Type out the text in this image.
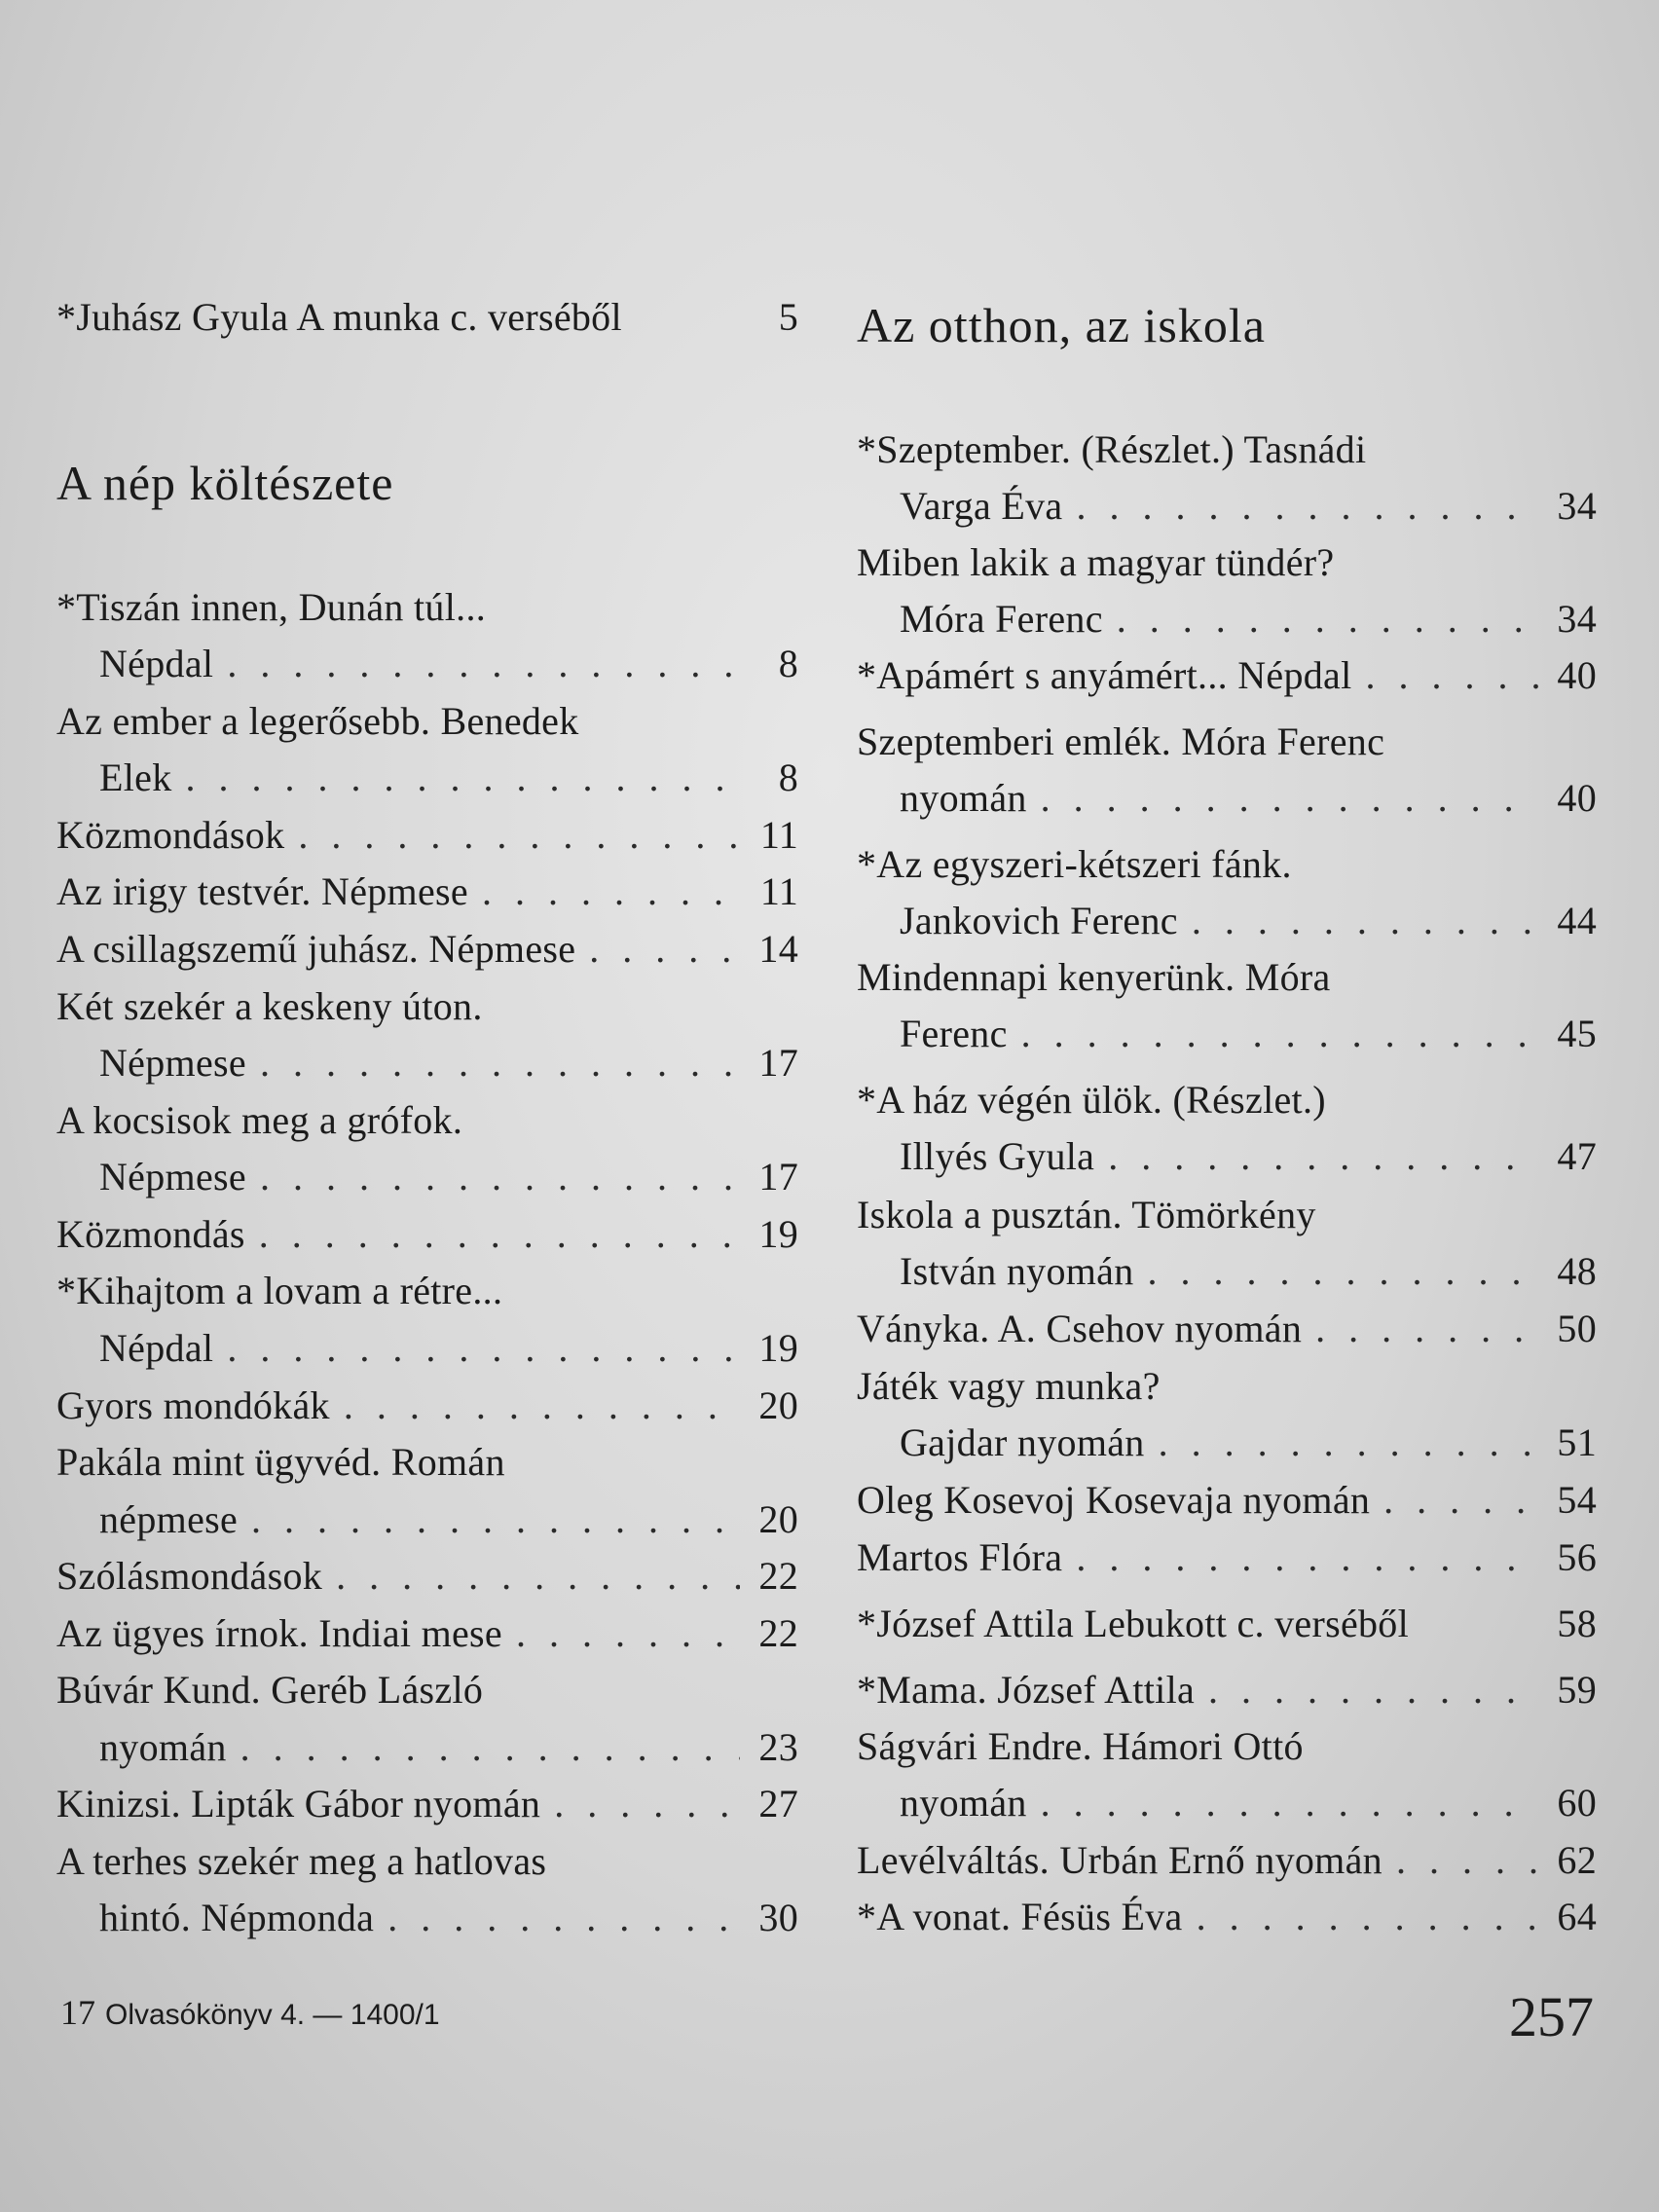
*Juhász Gyula A munka c. verséből	5
A nép költészete
*Tiszán innen, Dunán túl...
Népdal . . .	8
Az ember a legerősebb. Benedek
Elek . . .	8
Közmondások . . .	11
Az irigy testvér. Népmese . . .	11
A csillagszemű juhász. Népmese . . .	14
Két szekér a keskeny úton.
Népmese . . .	17
A kocsisok meg a grófok.
Népmese . . .	17
Közmondás . . .	19
*Kihajtom a lovam a rétre...
Népdal . . .	19
Gyors mondókák . . .	20
Pakála mint ügyvéd. Román
népmese . . .	20
Szólásmondások . . .	22
Az ügyes írnok. Indiai mese . . .	22
Búvár Kund. Geréb László
nyomán . . .	23
Kinizsi. Lipták Gábor nyomán . . .	27
A terhes szekér meg a hatlovas
hintó. Népmonda . . .	30
Az otthon, az iskola
*Szeptember. (Részlet.) Tasnádi
Varga Éva . . .	34
Miben lakik a magyar tündér?
Móra Ferenc . . .	34
*Apámért s anyámért... Népdal . . .	40
Szeptemberi emlék. Móra Ferenc
nyomán . . .	40
*Az egyszeri-kétszeri fánk.
Jankovich Ferenc . . .	44
Mindennapi kenyerünk. Móra
Ferenc . . .	45
*A ház végén ülök. (Részlet.)
Illyés Gyula . . .	47
Iskola a pusztán. Tömörkény
István nyomán . . .	48
Ványka. A. Csehov nyomán . . .	50
Játék vagy munka?
Gajdar nyomán . . .	51
Oleg Kosevoj Kosevaja nyomán . . .	54
Martos Flóra . . .	56
*József Attila Lebukott c. verséből	58
*Mama. József Attila . . .	59
Ságvári Endre. Hámori Ottó
nyomán . . .	60
Levélváltás. Urbán Ernő nyomán . . .	62
*A vonat. Fésüs Éva . . .	64
17 Olvasókönyv 4. — 1400/1	257
